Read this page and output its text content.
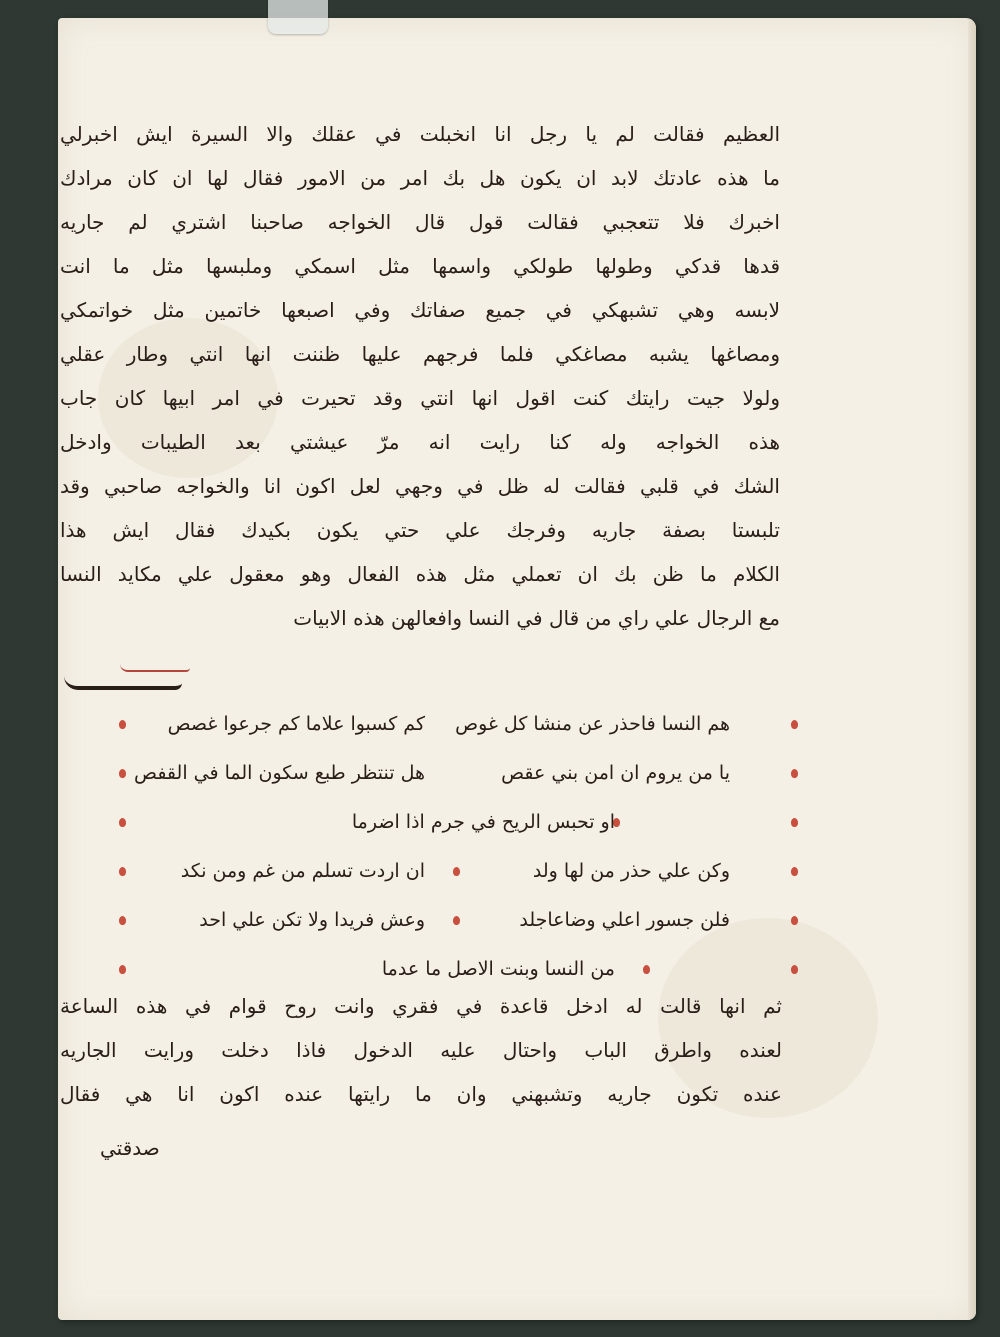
العظيم فقالت لم يا رجل انا انخبلت في عقلك والا السيرة ايش اخبرلي
ما هذه عادتك لابد ان يكون هل بك امر من الامور فقال لها ان كان مرادك
اخبرك فلا تتعجبي فقالت قول قال الخواجه صاحبنا اشتري لم جاريه
قدها قدكي وطولها طولكي واسمها مثل اسمكي وملبسها مثل ما انت
لابسه وهي تشبهكي في جميع صفاتك وفي اصبعها خاتمين مثل خواتمكي
ومصاغها يشبه مصاغكي فلما فرجهم عليها ظننت انها انتي وطار عقلي
ولولا جيت رايتك كنت اقول انها انتي وقد تحيرت في امر ابيها كان جاب
هذه الخواجه وله كنا رايت انه مرّ عيشتي بعد الطيبات وادخل
الشك في قلبي فقالت له ظل في وجهي لعل اكون انا والخواجه صاحبي وقد
تلبستا بصفة جاريه وفرجك علي حتي يكون بكيدك فقال ايش هذا
الكلام ما ظن بك ان تعملي مثل هذه الفعال وهو معقول علي مكايد النسا
مع الرجال علي راي من قال في النسا وافعالهن هذه الابيات
هم النسا فاحذر عن منشا كل غوص
كم كسبوا علاما كم جرعوا غصص
يا من يروم ان امن بني عقص
هل تنتظر طبع سكون الما في القفص
او تحبس الريح في جرم اذا اضرما
وكن علي حذر من لها ولد
ان اردت تسلم من غم ومن نكد
فلن جسور اعلي وضاعاجلد
وعش فريدا ولا تكن علي احد
من النسا وبنت الاصل ما عدما
ثم انها قالت له ادخل قاعدة في فقري وانت روح قوام في هذه الساعة
لعنده واطرق الباب واحتال عليه الدخول فاذا دخلت ورايت الجاريه
عنده تكون جاريه وتشبهني وان ما رايتها عنده اكون انا هي فقال
صدقتي
